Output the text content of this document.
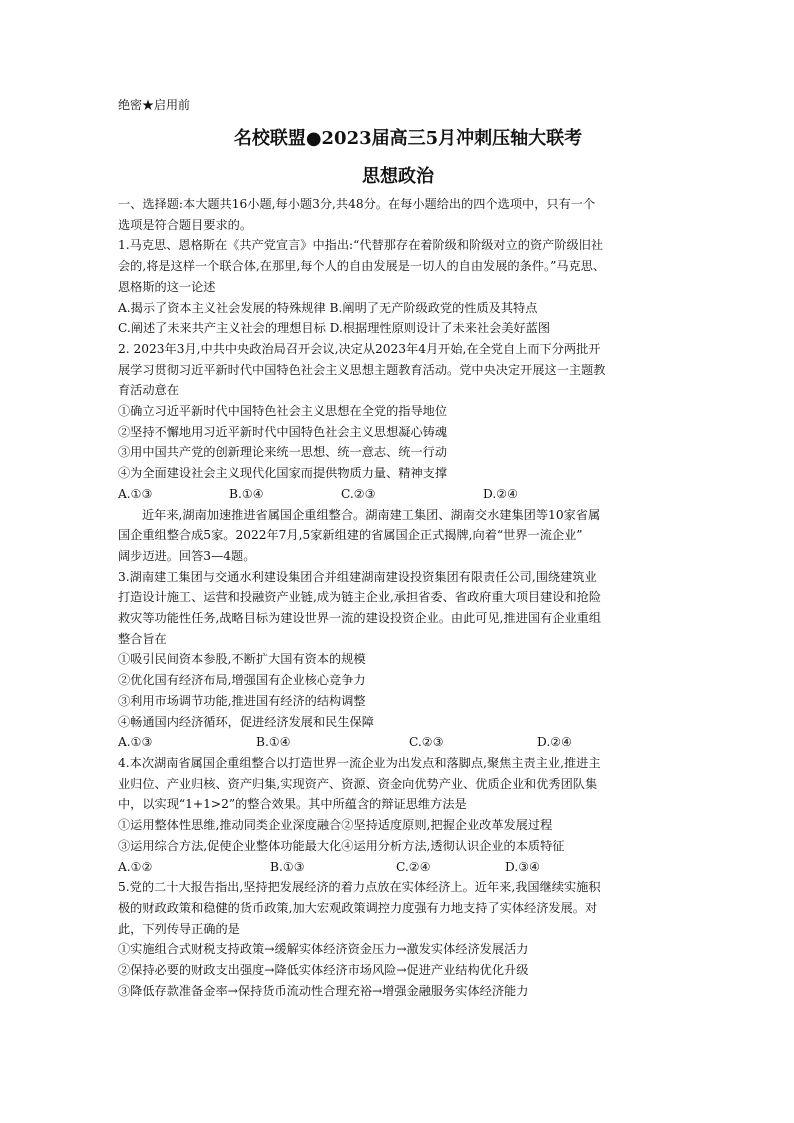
绝密★启用前
名校联盟●2023届高三5月冲刺压轴大联考
思想政治
一、选择题:本大题共16小题,每小题3分,共48分。在每小题给出的四个选项中，只有一个
选项是符合题目要求的。
1.马克思、恩格斯在《共产党宣言》中指出:“代替那存在着阶级和阶级对立的资产阶级旧社
会的,将是这样一个联合体,在那里,每个人的自由发展是一切人的自由发展的条件。”马克思、
恩格斯的这一论述
A.揭示了资本主义社会发展的特殊规律 B.阐明了无产阶级政党的性质及其特点
C.阐述了未来共产主义社会的理想目标 D.根据理性原则设计了未来社会美好蓝图
2. 2023年3月,中共中央政治局召开会议,决定从2023年4月开始,在全党自上而下分两批开
展学习贯彻习近平新时代中国特色社会主义思想主题教育活动。党中央决定开展这一主题教
育活动意在
①确立习近平新时代中国特色社会主义思想在全党的指导地位
②坚持不懈地用习近平新时代中国特色社会主义思想凝心铸魂
③用中国共产党的创新理论来统一思想、统一意志、统一行动
④为全面建设社会主义现代化国家而提供物质力量、精神支撑
A.①③	B.①④	C.②③	D.②④
近年来,湖南加速推进省属国企重组整合。湖南建工集团、湖南交水建集团等10家省属
国企重组整合成5家。2022年7月,5家新组建的省属国企正式揭牌,向着“世界一流企业”
阔步迈进。回答3—4题。
3.湖南建工集团与交通水利建设集团合并组建湖南建设投资集团有限责任公司,围绕建筑业
打造设计施工、运营和投融资产业链,成为链主企业,承担省委、省政府重大项目建设和抢险
救灾等功能性任务,战略目标为建设世界一流的建设投资企业。由此可见,推进国有企业重组
整合旨在
①吸引民间资本参股,不断扩大国有资本的规模
②优化国有经济布局,增强国有企业核心竞争力
③利用市场调节功能,推进国有经济的结构调整
④畅通国内经济循环，促进经济发展和民生保障
A.①③	B.①④	C.②③	D.②④
4.本次湖南省属国企重组整合以打造世界一流企业为出发点和落脚点,聚焦主责主业,推进主
业归位、产业归核、资产归集,实现资产、资源、资金向优势产业、优质企业和优秀团队集
中，以实现“1+1>2”的整合效果。其中所蕴含的辩证思维方法是
①运用整体性思维,推动同类企业深度融合②坚持适度原则,把握企业改革发展过程
③运用综合方法,促使企业整体功能最大化④运用分析方法,透彻认识企业的本质特征
A.①②	B.①③	C.②④	D.③④
5.党的二十大报告指出,坚持把发展经济的着力点放在实体经济上。近年来,我国继续实施积
极的财政政策和稳健的货币政策,加大宏观政策调控力度强有力地支持了实体经济发展。对
此，下列传导正确的是
①实施组合式财税支持政策→缓解实体经济资金压力→激发实体经济发展活力
②保持必要的财政支出强度→降低实体经济市场风险→促进产业结构优化升级
③降低存款准备金率→保持货币流动性合理充裕→增强金融服务实体经济能力
